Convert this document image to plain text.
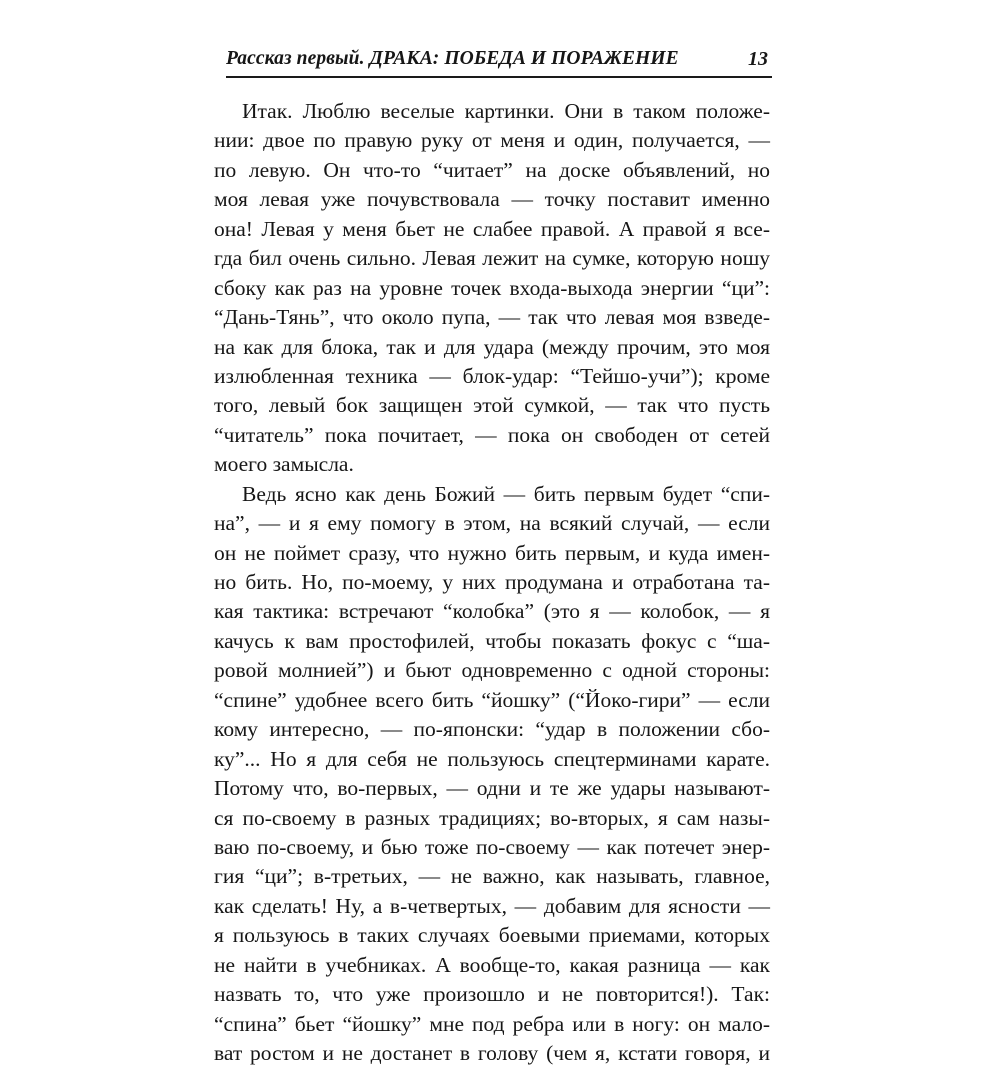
Рассказ первый. ДРАКА: ПОБЕДА И ПОРАЖЕНИЕ	13
Итак. Люблю веселые картинки. Они в таком положе-
нии: двое по правую руку от меня и один, получается, —
по левую. Он что-то “читает” на доске объявлений, но
моя левая уже почувствовала — точку поставит именно
она! Левая у меня бьет не слабее правой. А правой я все-
гда бил очень сильно. Левая лежит на сумке, которую ношу
сбоку как раз на уровне точек входа-выхода энергии “ци”:
“Дань-Тянь”, что около пупа, — так что левая моя взведе-
на как для блока, так и для удара (между прочим, это моя
излюбленная техника — блок-удар: “Тейшо-учи”); кроме
того, левый бок защищен этой сумкой, — так что пусть
“читатель” пока почитает, — пока он свободен от сетей
моего замысла.
Ведь ясно как день Божий — бить первым будет “спи-
на”, — и я ему помогу в этом, на всякий случай, — если
он не поймет сразу, что нужно бить первым, и куда имен-
но бить. Но, по-моему, у них продумана и отработана та-
кая тактика: встречают “колобка” (это я — колобок, — я
качусь к вам простофилей, чтобы показать фокус с “ша-
ровой молнией”) и бьют одновременно с одной стороны:
“спине” удобнее всего бить “йошку” (“Йоко-гири” — если
кому интересно, — по-японски: “удар в положении сбо-
ку”... Но я для себя не пользуюсь спецтерминами карате.
Потому что, во-первых, — одни и те же удары называют-
ся по-своему в разных традициях; во-вторых, я сам назы-
ваю по-своему, и бью тоже по-своему — как потечет энер-
гия “ци”; в-третьих, — не важно, как называть, главное,
как сделать! Ну, а в-четвертых, — добавим для ясности —
я пользуюсь в таких случаях боевыми приемами, которых
не найти в учебниках. А вообще-то, какая разница — как
назвать то, что уже произошло и не повторится!). Так:
“спина” бьет “йошку” мне под ребра или в ногу: он мало-
ват ростом и не достанет в голову (чем я, кстати говоря, и
